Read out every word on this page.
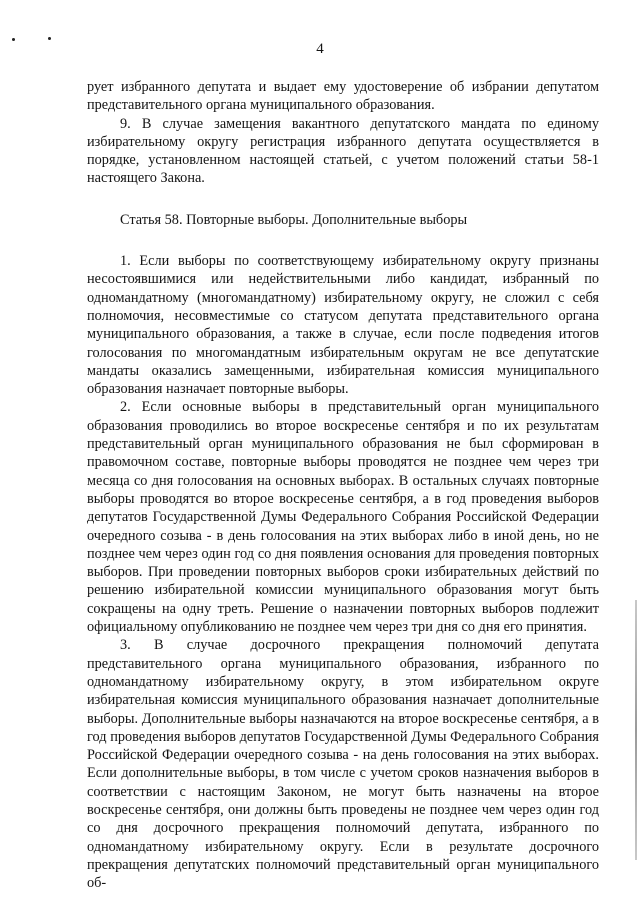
4

рует избранного депутата и выдает ему удостоверение об избрании депутатом представительного органа муниципального образования.

9. В случае замещения вакантного депутатского мандата по единому избирательному округу регистрация избранного депутата осуществляется в порядке, установленном настоящей статьей, с учетом положений статьи 58-1 настоящего Закона.

Статья 58. Повторные выборы. Дополнительные выборы

1. Если выборы по соответствующему избирательному округу признаны несостоявшимися или недействительными либо кандидат, избранный по одномандатному (многомандатному) избирательному округу, не сложил с себя полномочия, несовместимые со статусом депутата представительного органа муниципального образования, а также в случае, если после подведения итогов голосования по многомандатным избирательным округам не все депутатские мандаты оказались замещенными, избирательная комиссия муниципального образования назначает повторные выборы.

2. Если основные выборы в представительный орган муниципального образования проводились во второе воскресенье сентября и по их результатам представительный орган муниципального образования не был сформирован в правомочном составе, повторные выборы проводятся не позднее чем через три месяца со дня голосования на основных выборах. В остальных случаях повторные выборы проводятся во второе воскресенье сентября, а в год проведения выборов депутатов Государственной Думы Федерального Собрания Российской Федерации очередного созыва - в день голосования на этих выборах либо в иной день, но не позднее чем через один год со дня появления основания для проведения повторных выборов. При проведении повторных выборов сроки избирательных действий по решению избирательной комиссии муниципального образования могут быть сокращены на одну треть. Решение о назначении повторных выборов подлежит официальному опубликованию не позднее чем через три дня со дня его принятия.

3. В случае досрочного прекращения полномочий депутата представительного органа муниципального образования, избранного по одномандатному избирательному округу, в этом избирательном округе избирательная комиссия муниципального образования назначает дополнительные выборы. Дополнительные выборы назначаются на второе воскресенье сентября, а в год проведения выборов депутатов Государственной Думы Федерального Собрания Российской Федерации очередного созыва - на день голосования на этих выборах. Если дополнительные выборы, в том числе с учетом сроков назначения выборов в соответствии с настоящим Законом, не могут быть назначены на второе воскресенье сентября, они должны быть проведены не позднее чем через один год со дня досрочного прекращения полномочий депутата, избранного по одномандатному избирательному округу. Если в результате досрочного прекращения депутатских полномочий представительный орган муниципального об-
